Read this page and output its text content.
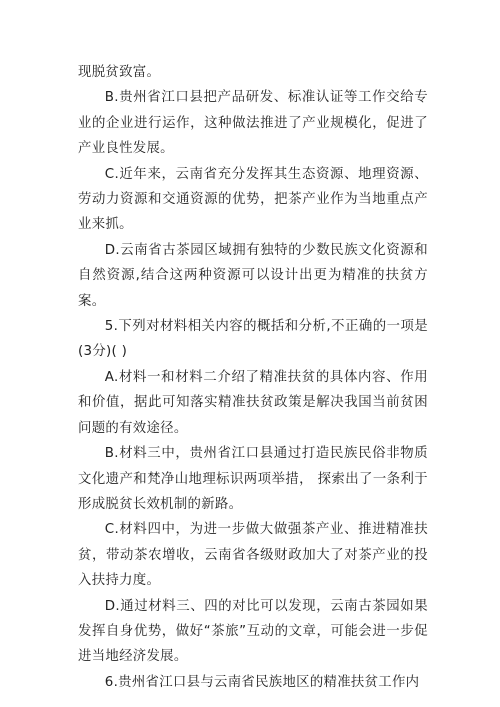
现脱贫致富。

B.贵州省江口县把产品研发、标准认证等工作交给专业的企业进行运作，这种做法推进了产业规模化，促进了产业良性发展。

C.近年来，云南省充分发挥其生态资源、地理资源、劳动力资源和交通资源的优势，把茶产业作为当地重点产业来抓。

D.云南省古茶园区域拥有独特的少数民族文化资源和自然资源,结合这两种资源可以设计出更为精准的扶贫方案。

5.下列对材料相关内容的概括和分析,不正确的一项是(3分)( )

A.材料一和材料二介绍了精准扶贫的具体内容、作用和价值，据此可知落实精准扶贫政策是解决我国当前贫困问题的有效途径。

B.材料三中，贵州省江口县通过打造民族民俗非物质文化遗产和梵净山地理标识两项举措， 探索出了一条利于形成脱贫长效机制的新路。

C.材料四中，为进一步做大做强茶产业、推进精准扶贫，带动茶农增收，云南省各级财政加大了对茶产业的投入扶持力度。

D.通过材料三、四的对比可以发现，云南古茶园如果发挥自身优势，做好“茶旅”互动的文章，可能会进一步促进当地经济发展。

6.贵州省江口县与云南省民族地区的精准扶贫工作内
